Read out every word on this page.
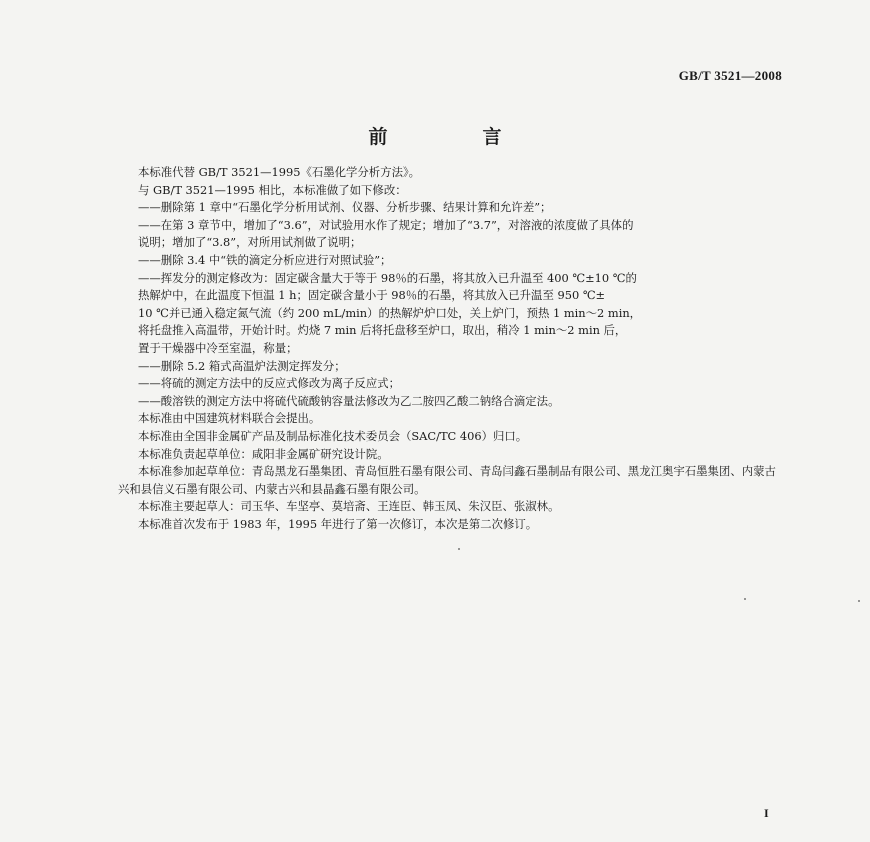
GB/T 3521—2008
前　言

本标准代替 GB/T 3521—1995《石墨化学分析方法》。

与 GB/T 3521—1995 相比，本标准做了如下修改：

——删除第 1 章中“石墨化学分析用试剂、仪器、分析步骤、结果计算和允许差”；

——在第 3 章节中，增加了“3.6”，对试验用水作了规定；增加了“3.7”，对溶液的浓度做了具体的
说明；增加了“3.8”，对所用试剂做了说明；

——删除 3.4 中“铁的滴定分析应进行对照试验”；

——挥发分的测定修改为：固定碳含量大于等于 98％的石墨，将其放入已升温至 400 ℃±10 ℃的
热解炉中，在此温度下恒温 1 h；固定碳含量小于 98％的石墨，将其放入已升温至 950 ℃±
10 ℃并已通入稳定氮气流（约 200 mL/min）的热解炉炉口处，关上炉门，预热 1 min～2 min，
将托盘推入高温带，开始计时。灼烧 7 min 后将托盘移至炉口，取出，稍冷 1 min～2 min 后，
置于干燥器中冷至室温，称量；

——删除 5.2 箱式高温炉法测定挥发分；

——将硫的测定方法中的反应式修改为离子反应式；

——酸溶铁的测定方法中将硫代硫酸钠容量法修改为乙二胺四乙酸二钠络合滴定法。

本标准由中国建筑材料联合会提出。

本标准由全国非金属矿产品及制品标准化技术委员会（SAC/TC 406）归口。

本标准负责起草单位：咸阳非金属矿研究设计院。

本标准参加起草单位：青岛黑龙石墨集团、青岛恒胜石墨有限公司、青岛闫鑫石墨制品有限公司、黑龙江奥宇石墨集团、内蒙古兴和县信义石墨有限公司、内蒙古兴和县晶鑫石墨有限公司。

本标准主要起草人：司玉华、车坚亭、莫培斋、王连臣、韩玉凤、朱汉臣、张淑林。

本标准首次发布于 1983 年，1995 年进行了第一次修订，本次是第二次修订。

I
